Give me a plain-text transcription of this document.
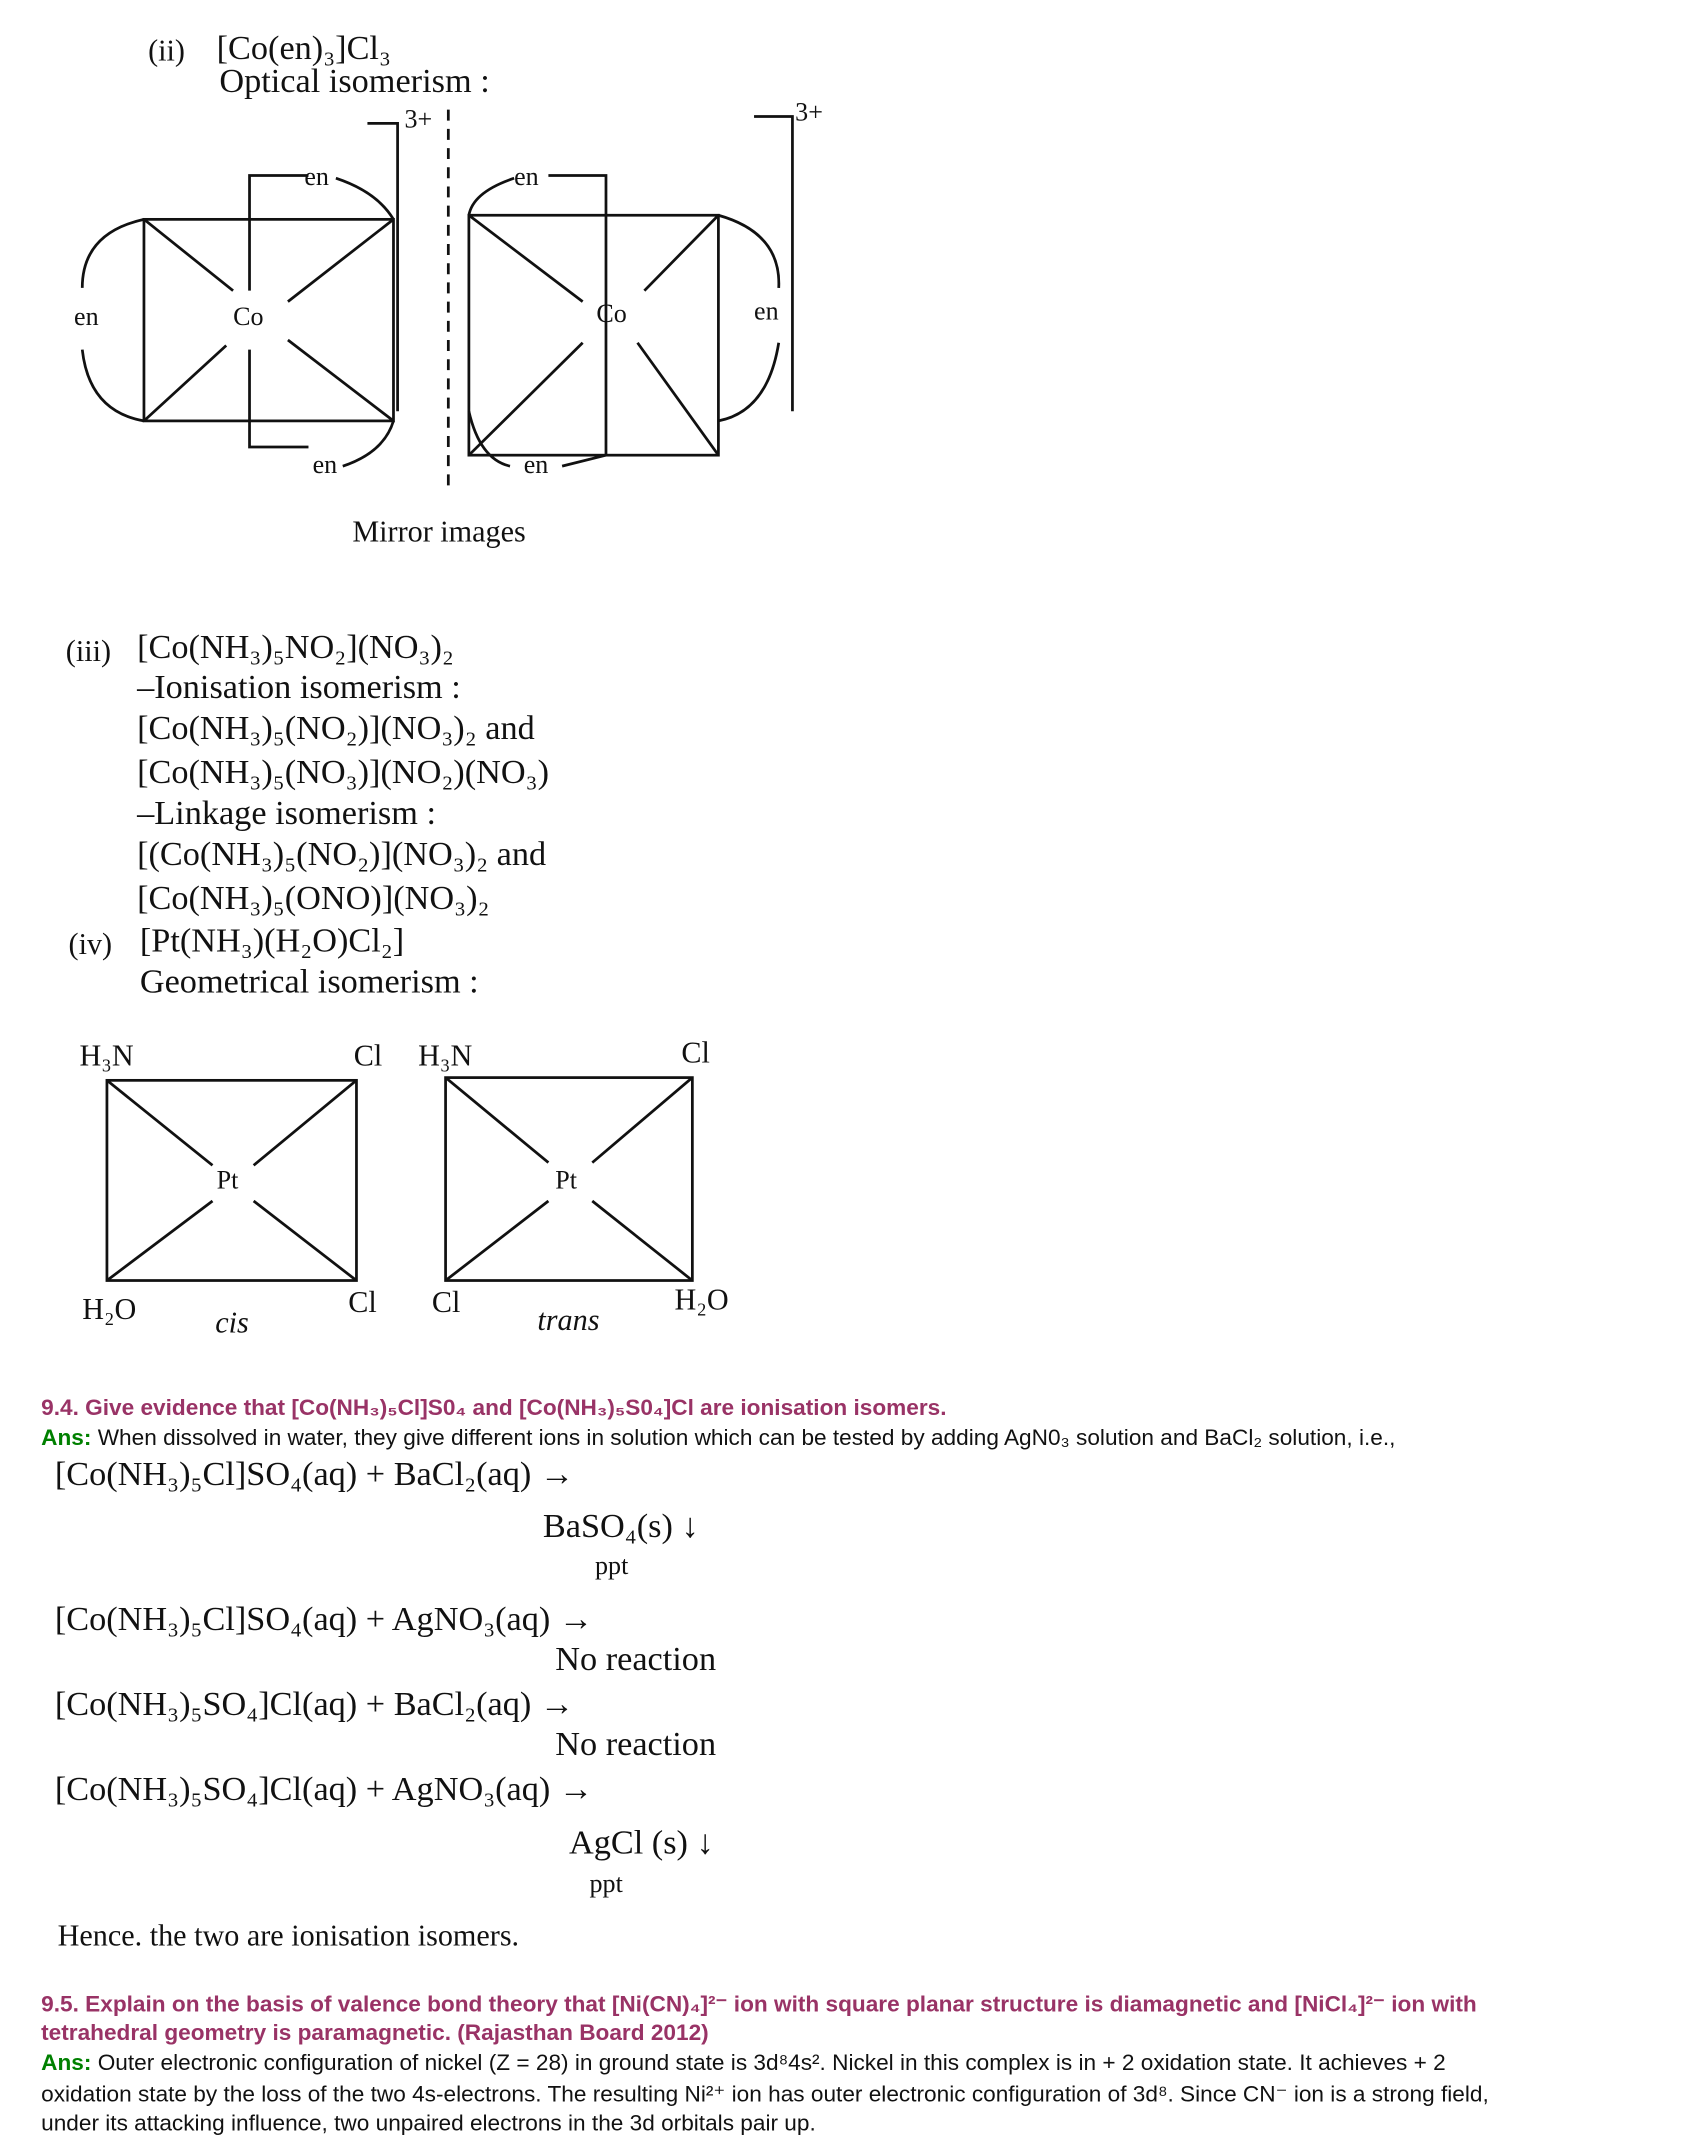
(ii) [Co(en)₃]Cl₃
Optical isomerism :
3+	3+
Co	Co
en
en
en
en
en
en
Mirror images
(iii) [Co(NH₃)₅NO₂](NO₃)₂
–Ionisation isomerism :
[Co(NH₃)₅(NO₂)](NO₃)₂ and
[Co(NH₃)₅(NO₃)](NO₂)(NO₃)
–Linkage isomerism :
[(Co(NH₃)₅(NO₂)](NO₃)₂ and
[Co(NH₃)₅(ONO)](NO₃)₂
(iv) [Pt(NH₃)(H₂O)Cl₂]
Geometrical isomerism :
H₃N	Cl
Pt
H₂O	Cl
cis
H₃N	Cl
Pt
Cl
trans
H₂O
9.4. Give evidence that [Co(NH₃)₅Cl]S0₄ and [Co(NH₃)₅S0₄]Cl are ionisation isomers.
Ans: When dissolved in water, they give different ions in solution which can be tested by adding AgN0₃ solution and BaCl₂ solution, i.e.,
[Co(NH₃)₅Cl]SO₄(aq) + BaCl₂(aq) →
BaSO₄(s) ↓
ppt
[Co(NH₃)₅Cl]SO₄(aq) + AgNO₃(aq) →
No reaction
[Co(NH₃)₅SO₄]Cl(aq) + BaCl₂(aq) →
No reaction
[Co(NH₃)₅SO₄]Cl(aq) + AgNO₃(aq) →
AgCl (s) ↓
ppt
Hence. the two are ionisation isomers.
9.5. Explain on the basis of valence bond theory that [Ni(CN)₄]²⁻ ion with square planar structure is diamagnetic and [NiCl₄]²⁻ ion with
tetrahedral geometry is paramagnetic. (Rajasthan Board 2012)
Ans: Outer electronic configuration of nickel (Z = 28) in ground state is 3d⁸4s². Nickel in this complex is in + 2 oxidation state. It achieves + 2
oxidation state by the loss of the two 4s-electrons. The resulting Ni²⁺ ion has outer electronic configuration of 3d⁸. Since CN⁻ ion is a strong field,
under its attacking influence, two unpaired electrons in the 3d orbitals pair up.
